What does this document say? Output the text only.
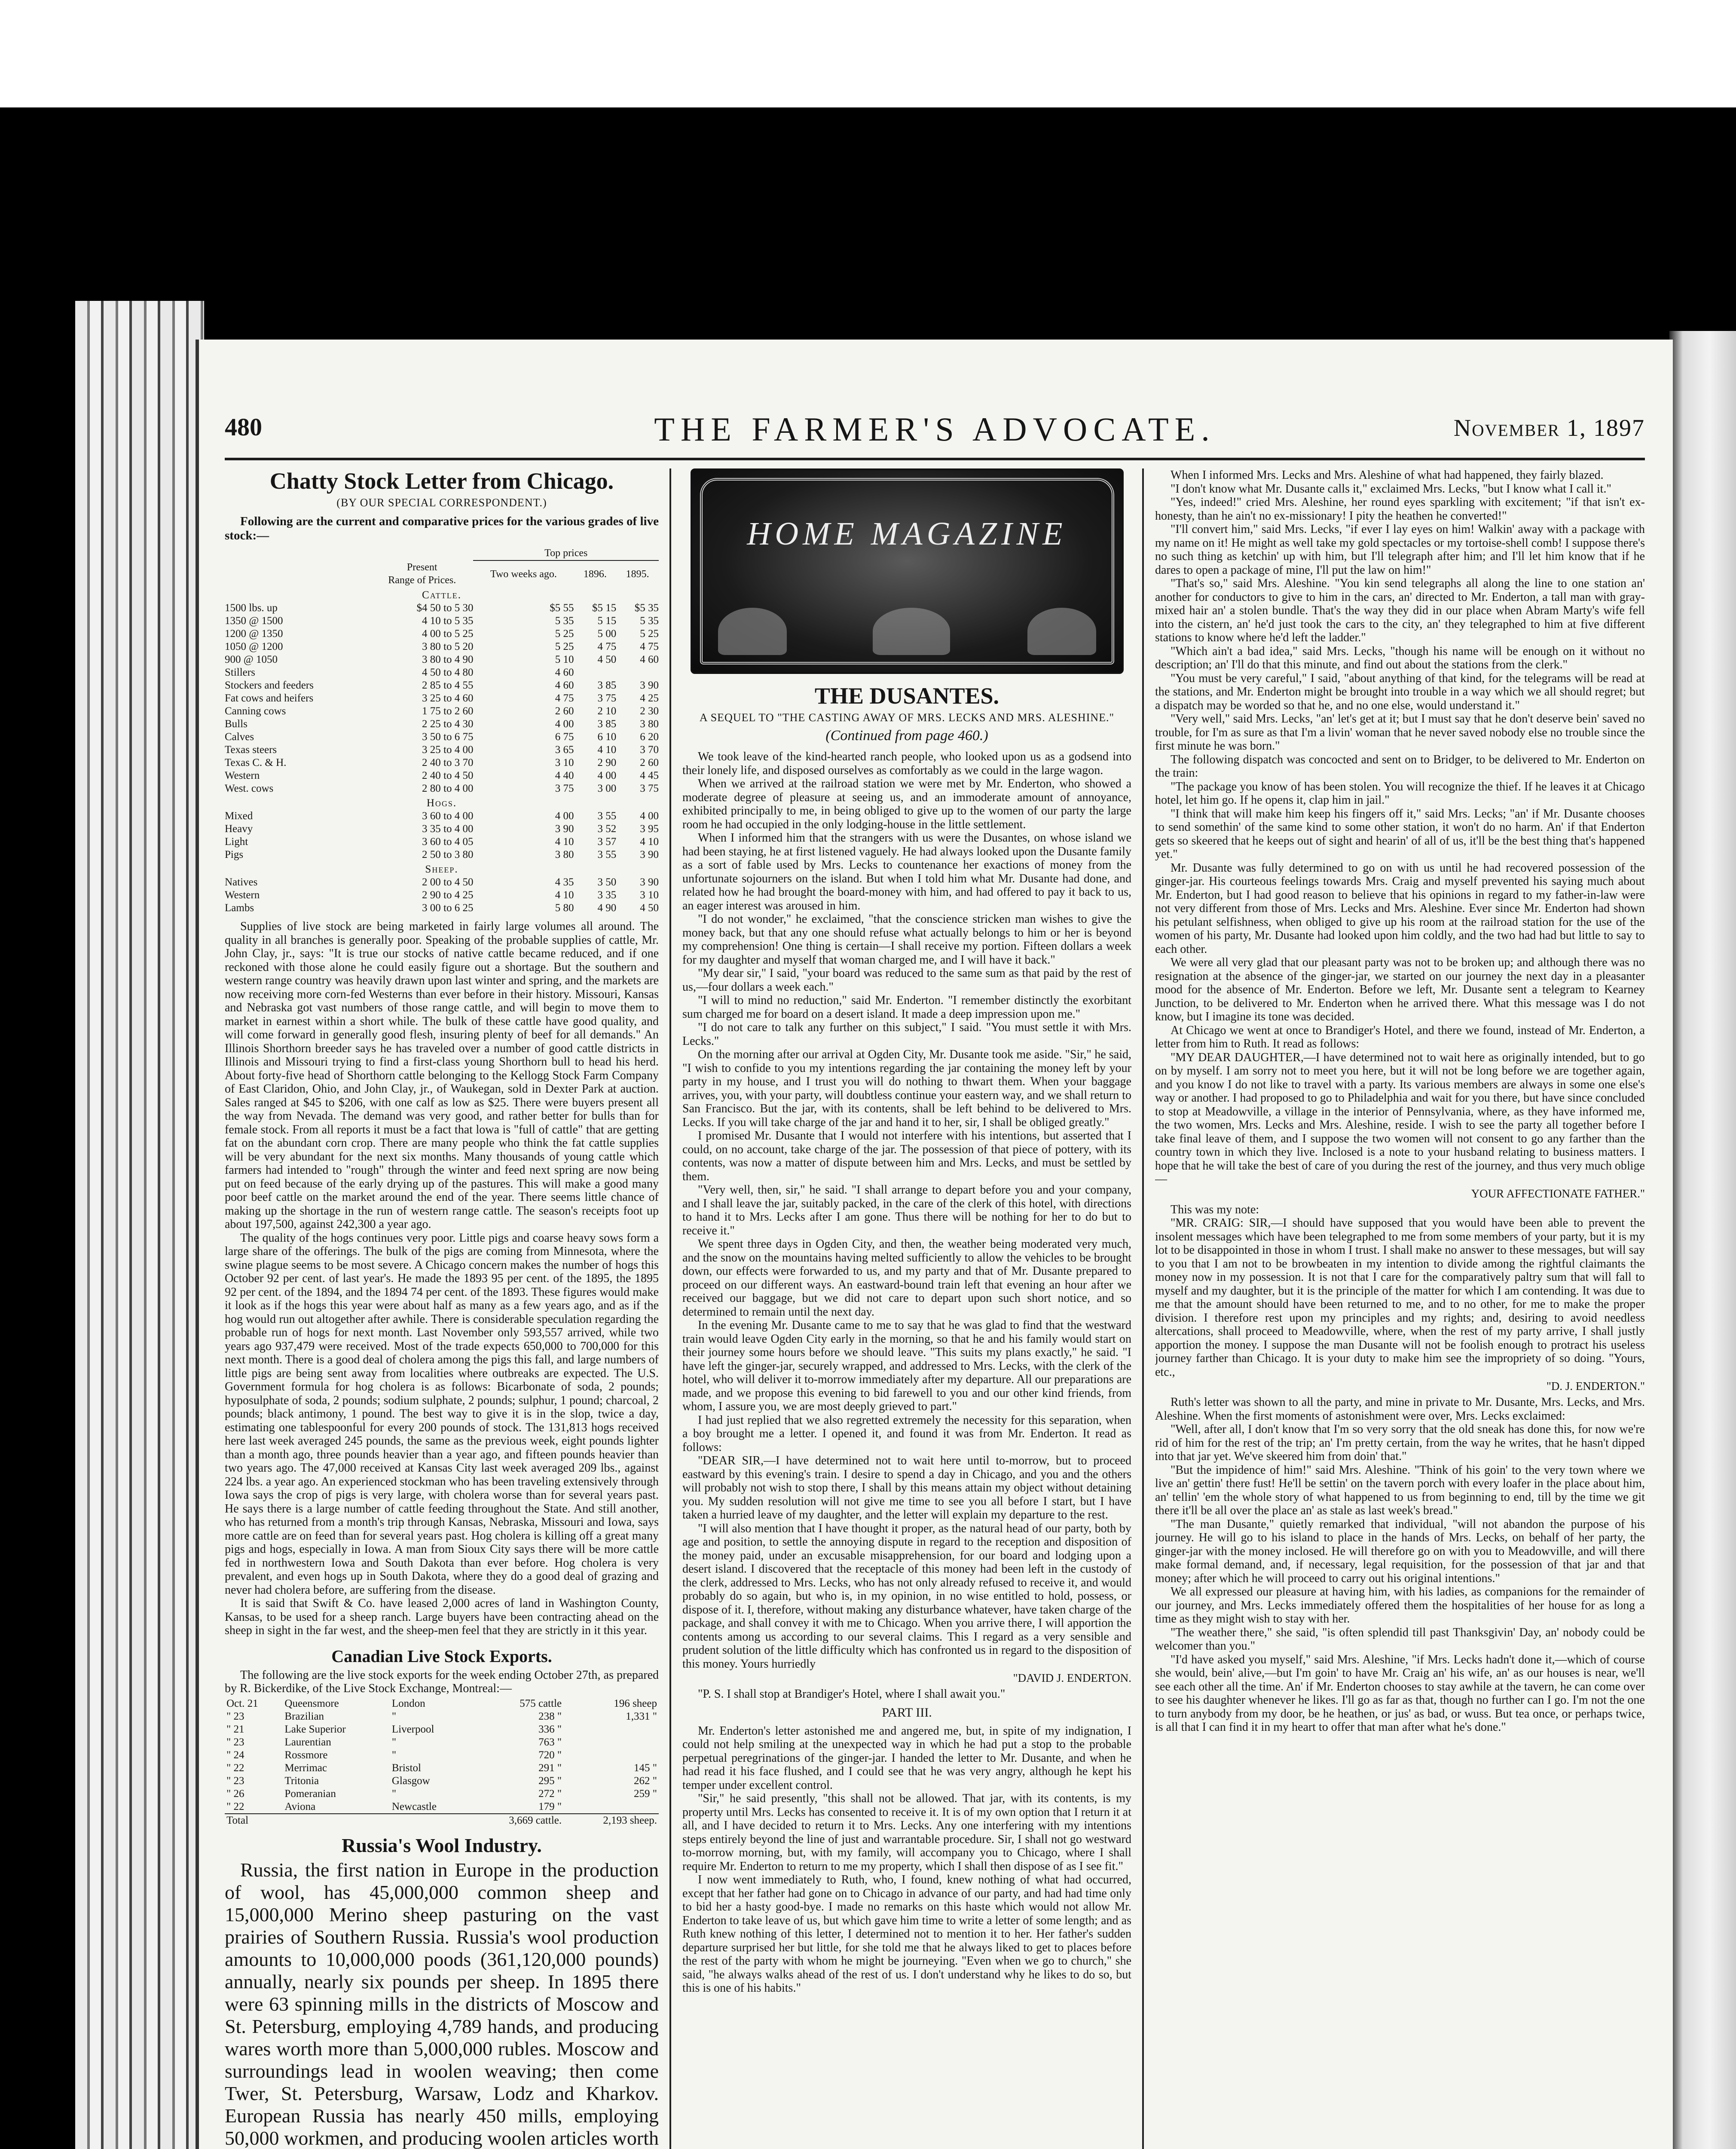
480	THE FARMER'S ADVOCATE.	November 1, 1897
Chatty Stock Letter from Chicago.
(BY OUR SPECIAL CORRESPONDENT.)
Following are the current and comparative prices for the various grades of live stock:—
		Top prices		
	Present
Range of Prices.	Two weeks ago.	1896.	1895.
Cattle.				
1500 lbs. up	$4 50 to 5 30	$5 55	$5 15	$5 35
1350 @ 1500	4 10 to 5 35	5 35	5 15	5 35
1200 @ 1350	4 00 to 5 25	5 25	5 00	5 25
1050 @ 1200	3 80 to 5 20	5 25	4 75	4 75
900 @ 1050	3 80 to 4 90	5 10	4 50	4 60
Stillers	4 50 to 4 80	4 60		
Stockers and feeders	2 85 to 4 55	4 60	3 85	3 90
Fat cows and heifers	3 25 to 4 60	4 75	3 75	4 25
Canning cows	1 75 to 2 60	2 60	2 10	2 30
Bulls	2 25 to 4 30	4 00	3 85	3 80
Calves	3 50 to 6 75	6 75	6 10	6 20
Texas steers	3 25 to 4 00	3 65	4 10	3 70
Texas C. & H.	2 40 to 3 70	3 10	2 90	2 60
Western	2 40 to 4 50	4 40	4 00	4 45
West. cows	2 80 to 4 00	3 75	3 00	3 75
Hogs.				
Mixed	3 60 to 4 00	4 00	3 55	4 00
Heavy	3 35 to 4 00	3 90	3 52	3 95
Light	3 60 to 4 05	4 10	3 57	4 10
Pigs	2 50 to 3 80	3 80	3 55	3 90
Sheep.				
Natives	2 00 to 4 50	4 35	3 50	3 90
Western	2 90 to 4 25	4 10	3 35	3 10
Lambs	3 00 to 6 25	5 80	4 90	4 50

Supplies of live stock are being marketed in fairly large volumes all around. The quality in all branches is generally poor. Speaking of the probable supplies of cattle, Mr. John Clay, jr., says: "It is true our stocks of native cattle became reduced, and if one reckoned with those alone he could easily figure out a shortage. But the southern and western range country was heavily drawn upon last winter and spring, and the markets are now receiving more corn-fed Westerns than ever before in their history. Missouri, Kansas and Nebraska got vast numbers of those range cattle, and will begin to move them to market in earnest within a short while. The bulk of these cattle have good quality, and will come forward in generally good flesh, insuring plenty of beef for all demands." An Illinois Shorthorn breeder says he has traveled over a number of good cattle districts in Illinois and Missouri trying to find a first-class young Shorthorn bull to head his herd. About forty-five head of Shorthorn cattle belonging to the Kellogg Stock Farm Company of East Claridon, Ohio, and John Clay, jr., of Waukegan, sold in Dexter Park at auction. Sales ranged at $45 to $206, with one calf as low as $25. There were buyers present all the way from Nevada. The demand was very good, and rather better for bulls than for female stock. From all reports it must be a fact that lowa is "full of cattle" that are getting fat on the abundant corn crop. There are many people who think the fat cattle supplies will be very abundant for the next six months. Many thousands of young cattle which farmers had intended to "rough" through the winter and feed next spring are now being put on feed because of the early drying up of the pastures. This will make a good many poor beef cattle on the market around the end of the year. There seems little chance of making up the shortage in the run of western range cattle. The season's receipts foot up about 197,500, against 242,300 a year ago.

The quality of the hogs continues very poor. Little pigs and coarse heavy sows form a large share of the offerings. The bulk of the pigs are coming from Minnesota, where the swine plague seems to be most severe. A Chicago concern makes the number of hogs this October 92 per cent. of last year's. He made the 1893 95 per cent. of the 1895, the 1895 92 per cent. of the 1894, and the 1894 74 per cent. of the 1893. These figures would make it look as if the hogs this year were about half as many as a few years ago, and as if the hog would run out altogether after awhile. There is considerable speculation regarding the probable run of hogs for next month. Last November only 593,557 arrived, while two years ago 937,479 were received. Most of the trade expects 650,000 to 700,000 for this next month. There is a good deal of cholera among the pigs this fall, and large numbers of little pigs are being sent away from localities where outbreaks are expected. The U.S. Government formula for hog cholera is as follows: Bicarbonate of soda, 2 pounds; hyposulphate of soda, 2 pounds; sodium sulphate, 2 pounds; sulphur, 1 pound; charcoal, 2 pounds; black antimony, 1 pound. The best way to give it is in the slop, twice a day, estimating one tablespoonful for every 200 pounds of stock. The 131,813 hogs received here last week averaged 245 pounds, the same as the previous week, eight pounds lighter than a month ago, three pounds heavier than a year ago, and fifteen pounds heavier than two years ago. The 47,000 received at Kansas City last week averaged 209 lbs., against 224 lbs. a year ago. An experienced stockman who has been traveling extensively through Iowa says the crop of pigs is very large, with cholera worse than for several years past. He says there is a large number of cattle feeding throughout the State. And still another, who has returned from a month's trip through Kansas, Nebraska, Missouri and Iowa, says more cattle are on feed than for several years past. Hog cholera is killing off a great many pigs and hogs, especially in Iowa. A man from Sioux City says there will be more cattle fed in northwestern Iowa and South Dakota than ever before. Hog cholera is very prevalent, and even hogs up in South Dakota, where they do a good deal of grazing and never had cholera before, are suffering from the disease.

It is said that Swift & Co. have leased 2,000 acres of land in Washington County, Kansas, to be used for a sheep ranch. Large buyers have been contracting ahead on the sheep in sight in the far west, and the sheep-men feel that they are strictly in it this year.

Canadian Live Stock Exports.

The following are the live stock exports for the week ending October 27th, as prepared by R. Bickerdike, of the Live Stock Exchange, Montreal:—

Oct. 21	Queensmore	London	575 cattle	196 sheep
" 23	Brazilian	"	238 "	1,331 "
" 21	Lake Superior	Liverpool	336 "	
" 23	Laurentian	"	763 "	
" 24	Rossmore	"	720 "	
" 22	Merrimac	Bristol	291 "	145 "
" 23	Tritonia	Glasgow	295 "	262 "
" 26	Pomeranian	"	272 "	259 "
" 22	Aviona	Newcastle	179 "	
Total			3,669 cattle.	2,193 sheep.
Russia's Wool Industry.

Russia, the first nation in Europe in the production of wool, has 45,000,000 common sheep and 15,000,000 Merino sheep pasturing on the vast prairies of Southern Russia. Russia's wool production amounts to 10,000,000 poods (361,120,000 pounds) annually, nearly six pounds per sheep. In 1895 there were 63 spinning mills in the districts of Moscow and St. Petersburg, employing 4,789 hands, and producing wares worth more than 5,000,000 rubles. Moscow and surroundings lead in woolen weaving; then come Twer, St. Petersburg, Warsaw, Lodz and Kharkov. European Russia has nearly 450 mills, employing 50,000 workmen, and producing woolen articles worth

HOME MAGAZINE
THE DUSANTES.
A SEQUEL TO "THE CASTING AWAY OF MRS. LECKS AND MRS. ALESHINE."
(Continued from page 460.)

We took leave of the kind-hearted ranch people, who looked upon us as a godsend into their lonely life, and disposed ourselves as comfortably as we could in the large wagon.

When we arrived at the railroad station we were met by Mr. Enderton, who showed a moderate degree of pleasure at seeing us, and an immoderate amount of annoyance, exhibited principally to me, in being obliged to give up to the women of our party the large room he had occupied in the only lodging-house in the little settlement.

When I informed him that the strangers with us were the Dusantes, on whose island we had been staying, he at first listened vaguely. He had always looked upon the Dusante family as a sort of fable used by Mrs. Lecks to countenance her exactions of money from the unfortunate sojourners on the island. But when I told him what Mr. Dusante had done, and related how he had brought the board-money with him, and had offered to pay it back to us, an eager interest was aroused in him.

"I do not wonder," he exclaimed, "that the conscience stricken man wishes to give the money back, but that any one should refuse what actually belongs to him or her is beyond my comprehension! One thing is certain—I shall receive my portion. Fifteen dollars a week for my daughter and myself that woman charged me, and I will have it back."

"My dear sir," I said, "your board was reduced to the same sum as that paid by the rest of us,—four dollars a week each."

"I will to mind no reduction," said Mr. Enderton. "I remember distinctly the exorbitant sum charged me for board on a desert island. It made a deep impression upon me."

"I do not care to talk any further on this subject," I said. "You must settle it with Mrs. Lecks."

On the morning after our arrival at Ogden City, Mr. Dusante took me aside. "Sir," he said, "I wish to confide to you my intentions regarding the jar containing the money left by your party in my house, and I trust you will do nothing to thwart them. When your baggage arrives, you, with your party, will doubtless continue your eastern way, and we shall return to San Francisco. But the jar, with its contents, shall be left behind to be delivered to Mrs. Lecks. If you will take charge of the jar and hand it to her, sir, I shall be obliged greatly."

I promised Mr. Dusante that I would not interfere with his intentions, but asserted that I could, on no account, take charge of the jar. The possession of that piece of pottery, with its contents, was now a matter of dispute between him and Mrs. Lecks, and must be settled by them.

"Very well, then, sir," he said. "I shall arrange to depart before you and your company, and I shall leave the jar, suitably packed, in the care of the clerk of this hotel, with directions to hand it to Mrs. Lecks after I am gone. Thus there will be nothing for her to do but to receive it."

We spent three days in Ogden City, and then, the weather being moderated very much, and the snow on the mountains having melted sufficiently to allow the vehicles to be brought down, our effects were forwarded to us, and my party and that of Mr. Dusante prepared to proceed on our different ways. An eastward-bound train left that evening an hour after we received our baggage, but we did not care to depart upon such short notice, and so determined to remain until the next day.

In the evening Mr. Dusante came to me to say that he was glad to find that the westward train would leave Ogden City early in the morning, so that he and his family would start on their journey some hours before we should leave. "This suits my plans exactly," he said. "I have left the ginger-jar, securely wrapped, and addressed to Mrs. Lecks, with the clerk of the hotel, who will deliver it to-morrow immediately after my departure. All our preparations are made, and we propose this evening to bid farewell to you and our other kind friends, from whom, I assure you, we are most deeply grieved to part."

I had just replied that we also regretted extremely the necessity for this separation, when a boy brought me a letter. I opened it, and found it was from Mr. Enderton. It read as follows:

"DEAR SIR,—I have determined not to wait here until to-morrow, but to proceed eastward by this evening's train. I desire to spend a day in Chicago, and you and the others will probably not wish to stop there, I shall by this means attain my object without detaining you. My sudden resolution will not give me time to see you all before I start, but I have taken a hurried leave of my daughter, and the letter will explain my departure to the rest.

"I will also mention that I have thought it proper, as the natural head of our party, both by age and position, to settle the annoying dispute in regard to the reception and disposition of the money paid, under an excusable misapprehension, for our board and lodging upon a desert island. I discovered that the receptacle of this money had been left in the custody of the clerk, addressed to Mrs. Lecks, who has not only already refused to receive it, and would probably do so again, but who is, in my opinion, in no wise entitled to hold, possess, or dispose of it. I, therefore, without making any disturbance whatever, have taken charge of the package, and shall convey it with me to Chicago. When you arrive there, I will apportion the contents among us according to our several claims. This I regard as a very sensible and prudent solution of the little difficulty which has confronted us in regard to the disposition of this money. Yours hurriedly

"DAVID J. ENDERTON.

"P. S. I shall stop at Brandiger's Hotel, where I shall await you."

PART III.

Mr. Enderton's letter astonished me and angered me, but, in spite of my indignation, I could not help smiling at the unexpected way in which he had put a stop to the probable perpetual peregrinations of the ginger-jar. I handed the letter to Mr. Dusante, and when he had read it his face flushed, and I could see that he was very angry, although he kept his temper under excellent control.

"Sir," he said presently, "this shall not be allowed. That jar, with its contents, is my property until Mrs. Lecks has consented to receive it. It is of my own option that I return it at all, and I have decided to return it to Mrs. Lecks. Any one interfering with my intentions steps entirely beyond the line of just and warrantable procedure. Sir, I shall not go westward to-morrow morning, but, with my family, will accompany you to Chicago, where I shall require Mr. Enderton to return to me my property, which I shall then dispose of as I see fit."

I now went immediately to Ruth, who, I found, knew nothing of what had occurred, except that her father had gone on to Chicago in advance of our party, and had had time only to bid her a hasty good-bye. I made no remarks on this haste which would not allow Mr. Enderton to take leave of us, but which gave him time to write a letter of some length; and as Ruth knew nothing of this letter, I determined not to mention it to her. Her father's sudden departure surprised her but little, for she told me that he always liked to get to places before the rest of the party with whom he might be journeying. "Even when we go to church," she said, "he always walks ahead of the rest of us. I don't understand why he likes to do so, but this is one of his habits."

When I informed Mrs. Lecks and Mrs. Aleshine of what had happened, they fairly blazed.

"I don't know what Mr. Dusante calls it," exclaimed Mrs. Lecks, "but I know what I call it."

"Yes, indeed!" cried Mrs. Aleshine, her round eyes sparkling with excitement; "if that isn't ex-honesty, than he ain't no ex-missionary! I pity the heathen he converted!"

"I'll convert him," said Mrs. Lecks, "if ever I lay eyes on him! Walkin' away with a package with my name on it! He might as well take my gold spectacles or my tortoise-shell comb! I suppose there's no such thing as ketchin' up with him, but I'll telegraph after him; and I'll let him know that if he dares to open a package of mine, I'll put the law on him!"

"That's so," said Mrs. Aleshine. "You kin send telegraphs all along the line to one station an' another for conductors to give to him in the cars, an' directed to Mr. Enderton, a tall man with gray-mixed hair an' a stolen bundle. That's the way they did in our place when Abram Marty's wife fell into the cistern, an' he'd just took the cars to the city, an' they telegraphed to him at five different stations to know where he'd left the ladder."

"Which ain't a bad idea," said Mrs. Lecks, "though his name will be enough on it without no description; an' I'll do that this minute, and find out about the stations from the clerk."

"You must be very careful," I said, "about anything of that kind, for the telegrams will be read at the stations, and Mr. Enderton might be brought into trouble in a way which we all should regret; but a dispatch may be worded so that he, and no one else, would understand it."

"Very well," said Mrs. Lecks, "an' let's get at it; but I must say that he don't deserve bein' saved no trouble, for I'm as sure as that I'm a livin' woman that he never saved nobody else no trouble since the first minute he was born."

The following dispatch was concocted and sent on to Bridger, to be delivered to Mr. Enderton on the train:

"The package you know of has been stolen. You will recognize the thief. If he leaves it at Chicago hotel, let him go. If he opens it, clap him in jail."

"I think that will make him keep his fingers off it," said Mrs. Lecks; "an' if Mr. Dusante chooses to send somethin' of the same kind to some other station, it won't do no harm. An' if that Enderton gets so skeered that he keeps out of sight and hearin' of all of us, it'll be the best thing that's happened yet."

Mr. Dusante was fully determined to go on with us until he had recovered possession of the ginger-jar. His courteous feelings towards Mrs. Craig and myself prevented his saying much about Mr. Enderton, but I had good reason to believe that his opinions in regard to my father-in-law were not very different from those of Mrs. Lecks and Mrs. Aleshine. Ever since Mr. Enderton had shown his petulant selfishness, when obliged to give up his room at the railroad station for the use of the women of his party, Mr. Dusante had looked upon him coldly, and the two had had but little to say to each other.

We were all very glad that our pleasant party was not to be broken up; and although there was no resignation at the absence of the ginger-jar, we started on our journey the next day in a pleasanter mood for the absence of Mr. Enderton. Before we left, Mr. Dusante sent a telegram to Kearney Junction, to be delivered to Mr. Enderton when he arrived there. What this message was I do not know, but I imagine its tone was decided.

At Chicago we went at once to Brandiger's Hotel, and there we found, instead of Mr. Enderton, a letter from him to Ruth. It read as follows:

"MY DEAR DAUGHTER,—I have determined not to wait here as originally intended, but to go on by myself. I am sorry not to meet you here, but it will not be long before we are together again, and you know I do not like to travel with a party. Its various members are always in some one else's way or another. I had proposed to go to Philadelphia and wait for you there, but have since concluded to stop at Meadowville, a village in the interior of Pennsylvania, where, as they have informed me, the two women, Mrs. Lecks and Mrs. Aleshine, reside. I wish to see the party all together before I take final leave of them, and I suppose the two women will not consent to go any farther than the country town in which they live. Inclosed is a note to your husband relating to business matters. I hope that he will take the best of care of you during the rest of the journey, and thus very much oblige—

YOUR AFFECTIONATE FATHER."

This was my note:

"MR. CRAIG: SIR,—I should have supposed that you would have been able to prevent the insolent messages which have been telegraphed to me from some members of your party, but it is my lot to be disappointed in those in whom I trust. I shall make no answer to these messages, but will say to you that I am not to be browbeaten in my intention to divide among the rightful claimants the money now in my possession. It is not that I care for the comparatively paltry sum that will fall to myself and my daughter, but it is the principle of the matter for which I am contending. It was due to me that the amount should have been returned to me, and to no other, for me to make the proper division. I therefore rest upon my principles and my rights; and, desiring to avoid needless altercations, shall proceed to Meadowville, where, when the rest of my party arrive, I shall justly apportion the money. I suppose the man Dusante will not be foolish enough to protract his useless journey farther than Chicago. It is your duty to make him see the impropriety of so doing. "Yours, etc.,

"D. J. ENDERTON."

Ruth's letter was shown to all the party, and mine in private to Mr. Dusante, Mrs. Lecks, and Mrs. Aleshine. When the first moments of astonishment were over, Mrs. Lecks exclaimed:

"Well, after all, I don't know that I'm so very sorry that the old sneak has done this, for now we're rid of him for the rest of the trip; an' I'm pretty certain, from the way he writes, that he hasn't dipped into that jar yet. We've skeered him from doin' that."

"But the impidence of him!" said Mrs. Aleshine. "Think of his goin' to the very town where we live an' gettin' there fust! He'll be settin' on the tavern porch with every loafer in the place about him, an' tellin' 'em the whole story of what happened to us from beginning to end, till by the time we git there it'll be all over the place an' as stale as last week's bread."

"The man Dusante," quietly remarked that individual, "will not abandon the purpose of his journey. He will go to his island to place in the hands of Mrs. Lecks, on behalf of her party, the ginger-jar with the money inclosed. He will therefore go on with you to Meadowville, and will there make formal demand, and, if necessary, legal requisition, for the possession of that jar and that money; after which he will proceed to carry out his original intentions."

We all expressed our pleasure at having him, with his ladies, as companions for the remainder of our journey, and Mrs. Lecks immediately offered them the hospitalities of her house for as long a time as they might wish to stay with her.

"The weather there," she said, "is often splendid till past Thanksgivin' Day, an' nobody could be welcomer than you."

"I'd have asked you myself," said Mrs. Aleshine, "if Mrs. Lecks hadn't done it,—which of course she would, bein' alive,—but I'm goin' to have Mr. Craig an' his wife, an' as our houses is near, we'll see each other all the time. An' if Mr. Enderton chooses to stay awhile at the tavern, he can come over to see his daughter whenever he likes. I'll go as far as that, though no further can I go. I'm not the one to turn anybody from my door, be he heathen, or jus' as bad, or wuss. But tea once, or perhaps twice, is all that I can find it in my heart to offer that man after what he's done."
